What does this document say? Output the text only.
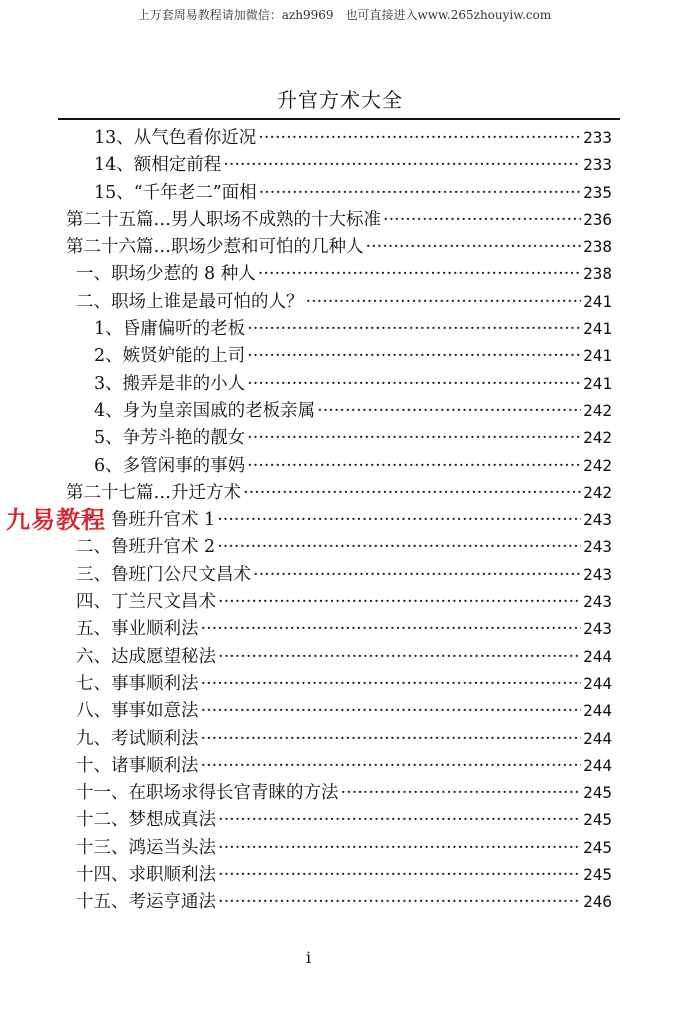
上万套周易教程请加微信：azh9969　也可直接进入www.265zhouyiw.com
升官方术大全
13、从气色看你近况 ·····	233
14、额相定前程 ·····	233
15、“千年老二”面相 ·····	235
第二十五篇…男人职场不成熟的十大标准 ·····	236
第二十六篇…职场少惹和可怕的几种人 ·····	238
一、职场少惹的 8 种人 ·····	238
二、职场上谁是最可怕的人？ ·····	241
1、昏庸偏听的老板 ·····	241
2、嫉贤妒能的上司 ·····	241
3、搬弄是非的小人 ·····	241
4、身为皇亲国戚的老板亲属 ·····	242
5、争芳斗艳的靓女 ·····	242
6、多管闲事的事妈 ·····	242
第二十七篇…升迁方术 ·····	242
一、鲁班升官术 1 ·····	243
二、鲁班升官术 2 ·····	243
三、鲁班门公尺文昌术 ·····	243
四、丁兰尺文昌术 ·····	243
五、事业顺利法 ·····	243
六、达成愿望秘法 ·····	244
七、事事顺利法 ·····	244
八、事事如意法 ·····	244
九、考试顺利法 ·····	244
十、诸事顺利法 ·····	244
十一、在职场求得长官青睐的方法 ·····	245
十二、梦想成真法 ·····	245
十三、鸿运当头法 ·····	245
十四、求职顺利法 ·····	245
十五、考运亨通法 ·····	246
九易教程
i
